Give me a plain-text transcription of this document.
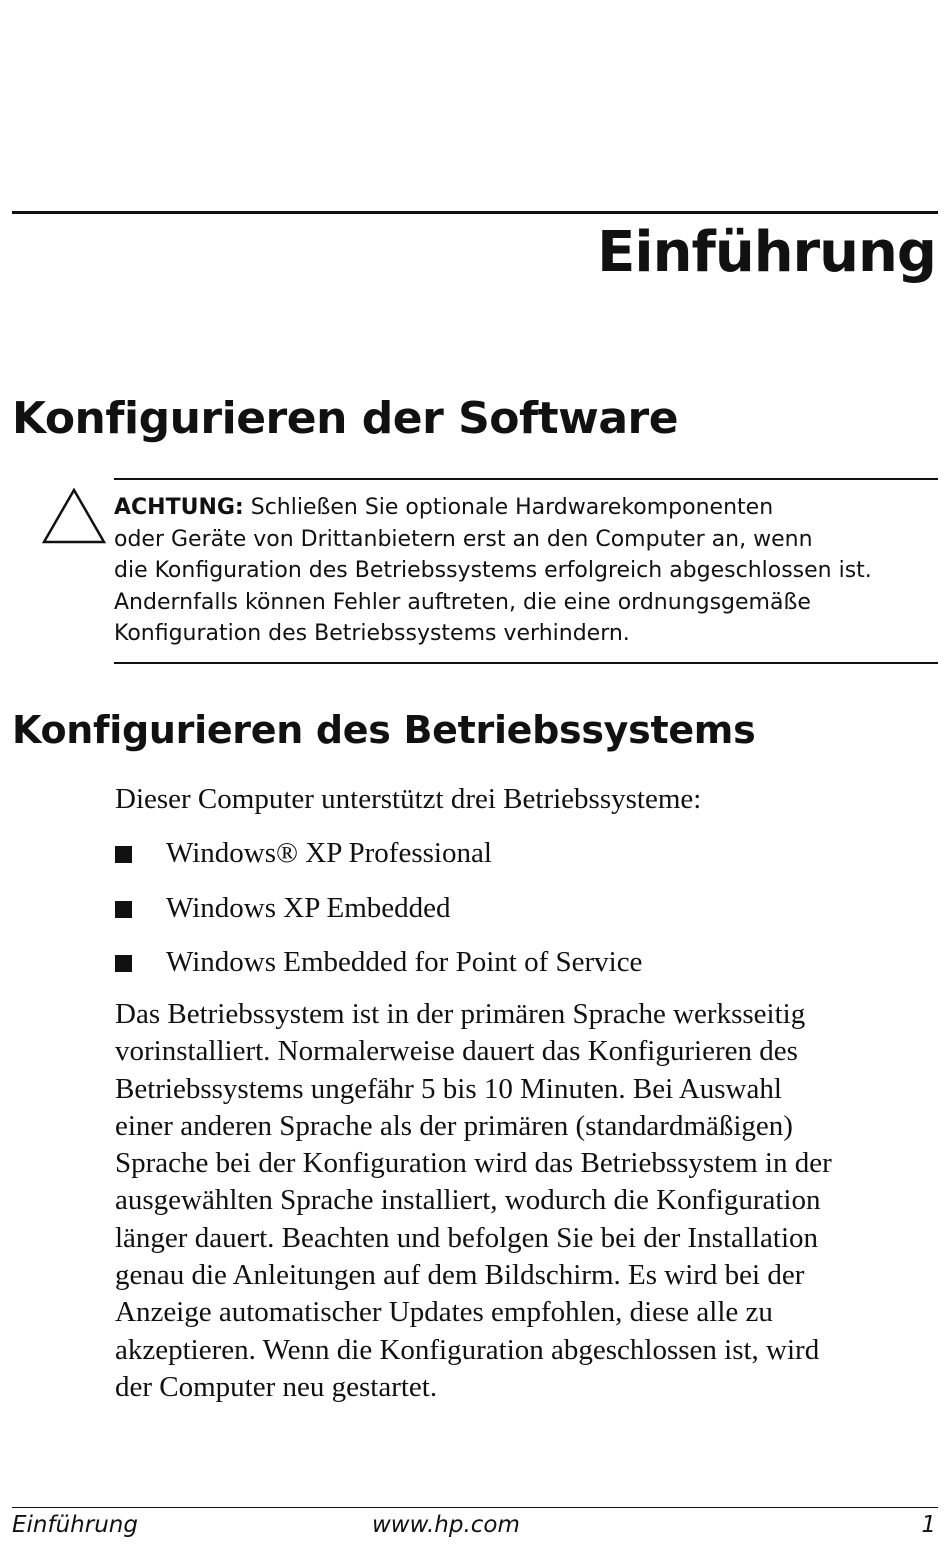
Einführung
Konfigurieren der Software

ACHTUNG: Schließen Sie optionale Hardwarekomponenten
oder Geräte von Drittanbietern erst an den Computer an, wenn
die Konfiguration des Betriebssystems erfolgreich abgeschlossen ist.
Andernfalls können Fehler auftreten, die eine ordnungsgemäße
Konfiguration des Betriebssystems verhindern.

Konfigurieren des Betriebssystems

Dieser Computer unterstützt drei Betriebssysteme:

Windows® XP Professional
Windows XP Embedded
Windows Embedded for Point of Service

Das Betriebssystem ist in der primären Sprache werksseitig
vorinstalliert. Normalerweise dauert das Konfigurieren des
Betriebssystems ungefähr 5 bis 10 Minuten. Bei Auswahl
einer anderen Sprache als der primären (standardmäßigen)
Sprache bei der Konfiguration wird das Betriebssystem in der
ausgewählten Sprache installiert, wodurch die Konfiguration
länger dauert. Beachten und befolgen Sie bei der Installation
genau die Anleitungen auf dem Bildschirm. Es wird bei der
Anzeige automatischer Updates empfohlen, diese alle zu
akzeptieren. Wenn die Konfiguration abgeschlossen ist, wird
der Computer neu gestartet.

Einführung	www.hp.com	1
